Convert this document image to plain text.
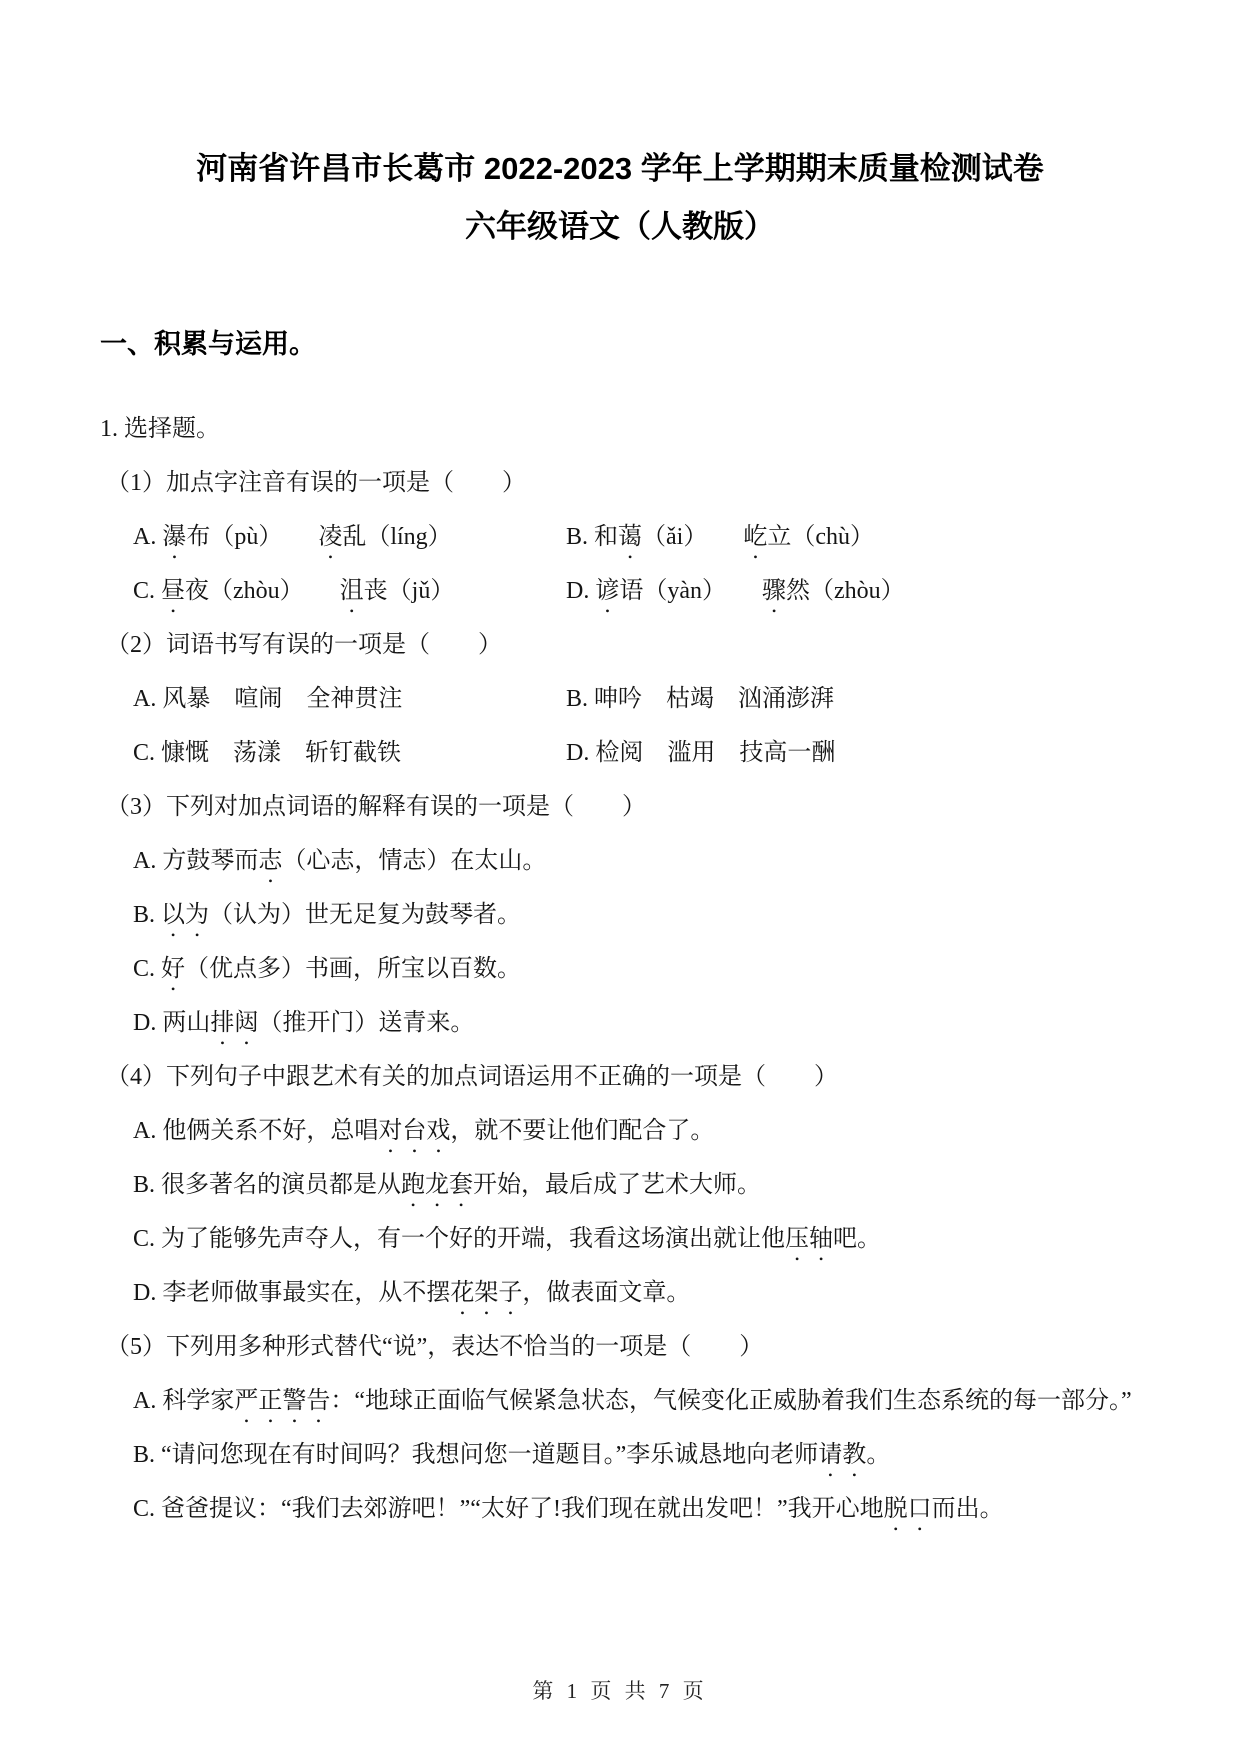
河南省许昌市长葛市 2022-2023 学年上学期期末质量检测试卷
六年级语文（人教版）
一、积累与运用。

1. 选择题。

（1）加点字注音有误的一项是（　　）

A. 瀑布（pù）　　凌乱（líng）	B. 和蔼（ǎi）　　屹立（chù）

C. 昼夜（zhòu）　　沮丧（jǔ）	D. 谚语（yàn）　　骤然（zhòu）

（2）词语书写有误的一项是（　　）

A. 风暴　喧闹　全神贯注	B. 呻吟　枯竭　汹涌澎湃

C. 慷慨　荡漾　斩钉截铁	D. 检阅　滥用　技高一酬

（3）下列对加点词语的解释有误的一项是（　　）

A. 方鼓琴而志（心志，情志）在太山。

B. 以为（认为）世无足复为鼓琴者。

C. 好（优点多）书画，所宝以百数。

D. 两山排闼（推开门）送青来。

（4）下列句子中跟艺术有关的加点词语运用不正确的一项是（　　）

A. 他俩关系不好，总唱对台戏，就不要让他们配合了。

B. 很多著名的演员都是从跑龙套开始，最后成了艺术大师。

C. 为了能够先声夺人，有一个好的开端，我看这场演出就让他压轴吧。

D. 李老师做事最实在，从不摆花架子，做表面文章。

（5）下列用多种形式替代“说”，表达不恰当的一项是（　　）

A. 科学家严正警告：“地球正面临气候紧急状态，气候变化正威胁着我们生态系统的每一部分。”

B. “请问您现在有时间吗？我想问您一道题目。”李乐诚恳地向老师请教。

C. 爸爸提议：“我们去郊游吧！”“太好了!我们现在就出发吧！”我开心地脱口而出。

第 1 页 共 7 页
